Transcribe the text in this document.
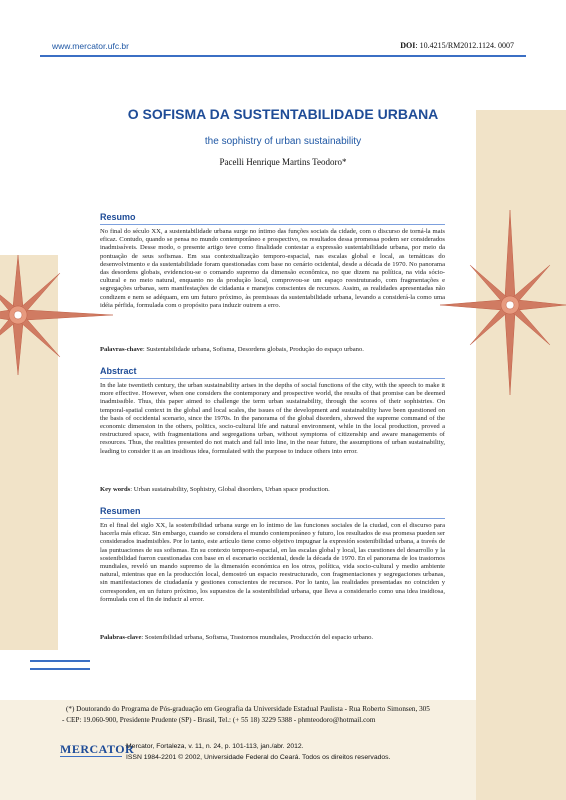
www.mercator.ufc.br	DOI: 10.4215/RM2012.1124. 0007
O SOFISMA DA SUSTENTABILIDADE URBANA
the sophistry of urban sustainability
Pacelli Henrique Martins Teodoro*
Resumo
No final do século XX, a sustentabilidade urbana surge no íntimo das funções sociais da cidade, com o discurso de torná-la mais eficaz. Contudo, quando se pensa no mundo contemporâneo e prospectivo, os resultados dessa promessa podem ser considerados inadmissíveis. Desse modo, o presente artigo teve como finalidade contestar a expressão sustentabilidade urbana, por meio da pontuação de seus sofismas. Em sua contextualização temporo-espacial, nas escalas global e local, as temáticas do desenvolvimento e da sustentabilidade foram questionadas com base no cenário ocidental, desde a década de 1970. No panorama das desordens globais, evidenciou-se o comando supremo da dimensão econômica, no que dizem na política, na vida sócio-cultural e no meio natural, enquanto no da produção local, comprovou-se um espaço reestruturado, com fragmentações e segregações urbanas, sem manifestações de cidadania e manejos conscientes de recursos. Assim, as realidades apresentadas não condizem e nem se adéquam, em um futuro próximo, às premissas da sustentabilidade urbana, levando a considerá-la como uma idéia pérfida, formulada com o propósito para induzir outrem a erro.
Palavras-chave: Sustentabilidade urbana, Sofisma, Desordens globais, Produção do espaço urbano.
Abstract
In the late twentieth century, the urban sustainability arises in the depths of social functions of the city, with the speech to make it more effective. However, when one considers the contemporary and prospective world, the results of that promise can be deemed inadmissible. Thus, this paper aimed to challenge the term urban sustainability, through the scores of their sophistries. On temporal-spatial context in the global and local scales, the issues of the development and sustainability have been questioned on the basis of occidental scenario, since the 1970s. In the panorama of the global disorders, showed the supreme command of the economic dimension in the others, politics, socio-cultural life and natural environment, while in the local production, proved a restructured space, with fragmentations and segregations urban, without symptoms of citizenship and aware managements of resources. Thus, the realities presented do not match and fall into line, in the near future, the assumptions of urban sustainability, leading to consider it as an insidious idea, formulated with the purpose to induce others into error.
Key words: Urban sustainability, Sophistry, Global disorders, Urban space production.
Resumen
En el final del siglo XX, la sostenibilidad urbana surge en lo íntimo de las funciones sociales de la ciudad, con el discurso para hacerla más eficaz. Sin embargo, cuando se considera el mundo contemporáneo y futuro, los resultados de esa promesa pueden ser considerados inadmisibles. Por lo tanto, este artículo tiene como objetivo impugnar la expresión sostenibilidad urbana, a través de las puntuaciones de sus sofismas. En su contexto temporo-espacial, en las escalas global y local, las cuestiones del desarrollo y la sostenibilidad fueron cuestionadas con base en el escenario occidental, desde la década de 1970. En el panorama de los trastornos mundiales, reveló un mando supremo de la dimensión económica en los otros, política, vida socio-cultural y medio ambiente natural, mientras que en la producción local, demostró un espacio reestructurado, con fragmentaciones y segregaciones urbanas, sin manifestaciones de ciudadanía y gestiones conscientes de recursos. Por lo tanto, las realidades presentadas no coinciden y corresponden, en un futuro próximo, los supuestos de la sostenibilidad urbana, que lleva a considerarlo como una idea insidiosa, formulada con el fin de inducir al error.
Palabras-clave: Sostenibilidad urbana, Sofisma, Trastornos mundiales, Producción del espacio urbano.
(*) Doutorando do Programa de Pós-graduação em Geografia da Universidade Estadual Paulista - Rua Roberto Simonsen, 305
- CEP: 19.060-900, Presidente Prudente (SP) - Brasil, Tel.: (+ 55 18) 3229 5388 - phmteodoro@hotmail.com
MERCATOR
Mercator, Fortaleza, v. 11, n. 24, p. 101-113, jan./abr. 2012.
ISSN 1984-2201 © 2002, Universidade Federal do Ceará. Todos os direitos reservados.
